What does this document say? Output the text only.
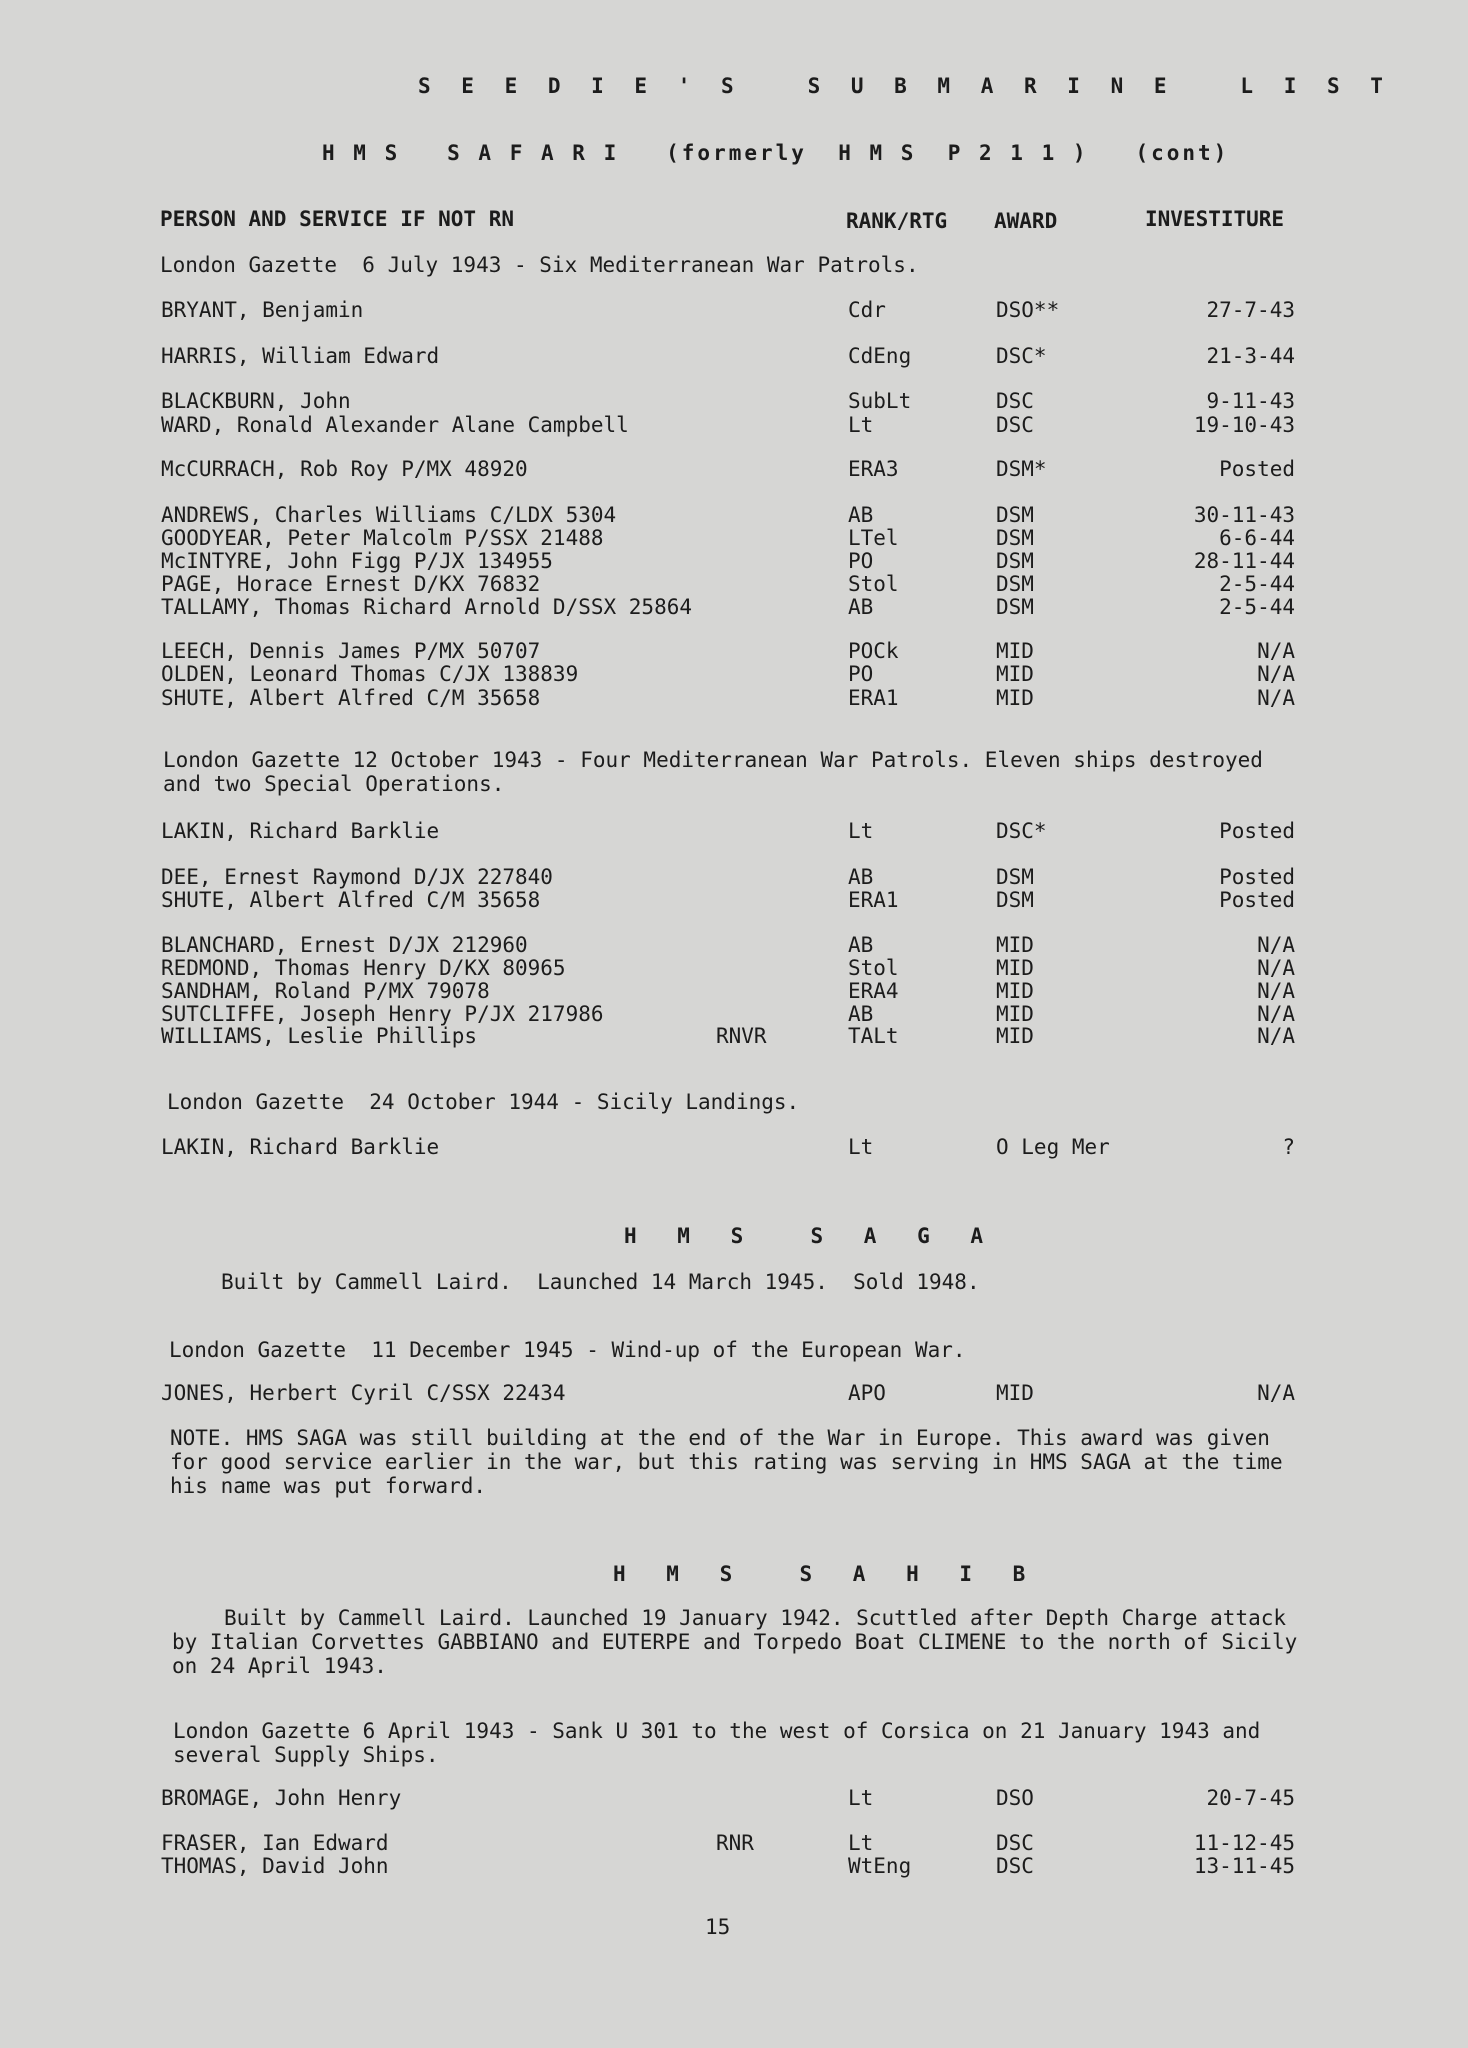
S E E D I E ' S   S U B M A R I N E   L I S T
H M S   S A F A R I   (formerly  H M S  P 2 1 1 )   (cont)
PERSON AND SERVICE IF NOT RN	RANK/RTG AWARD	INVESTITURE
London Gazette  6 July 1943 - Six Mediterranean War Patrols.
BRYANT, Benjamin	Cdr	DSO**	27-7-43
HARRIS, William Edward	CdEng	DSC*	21-3-44
BLACKBURN, John	SubLt	DSC	9-11-43
WARD, Ronald Alexander Alane Campbell	Lt	DSC	19-10-43
McCURRACH, Rob Roy P/MX 48920	ERA3	DSM*	Posted
ANDREWS, Charles Williams C/LDX 5304	AB	DSM	30-11-43
GOODYEAR, Peter Malcolm P/SSX 21488	LTel	DSM	6-6-44
McINTYRE, John Figg P/JX 134955	PO	DSM	28-11-44
PAGE, Horace Ernest D/KX 76832	Stol	DSM	2-5-44
TALLAMY, Thomas Richard Arnold D/SSX 25864	AB	DSM	2-5-44
LEECH, Dennis James P/MX 50707	POCk	MID	N/A
OLDEN, Leonard Thomas C/JX 138839	PO	MID	N/A
SHUTE, Albert Alfred C/M 35658	ERA1	MID	N/A
London Gazette 12 October 1943 - Four Mediterranean War Patrols. Eleven ships destroyed and two Special Operations.
LAKIN, Richard Barklie	Lt	DSC*	Posted
DEE, Ernest Raymond D/JX 227840	AB	DSM	Posted
SHUTE, Albert Alfred C/M 35658	ERA1	DSM	Posted
BLANCHARD, Ernest D/JX 212960	AB	MID	N/A
REDMOND, Thomas Henry D/KX 80965	Stol	MID	N/A
SANDHAM, Roland P/MX 79078	ERA4	MID	N/A
SUTCLIFFE, Joseph Henry P/JX 217986	AB	MID	N/A
WILLIAMS, Leslie Phillips	RNVR	TALt	MID	N/A
London Gazette  24 October 1944 - Sicily Landings.
LAKIN, Richard Barklie	Lt	O Leg Mer	?
H M S  S A G A
Built by Cammell Laird.  Launched 14 March 1945.  Sold 1948.
London Gazette  11 December 1945 - Wind-up of the European War.
JONES, Herbert Cyril C/SSX 22434	APO	MID	N/A
NOTE. HMS SAGA was still building at the end of the War in Europe. This award was given for good service earlier in the war, but this rating was serving in HMS SAGA at the time his name was put forward.
H M S  S A H I B
Built by Cammell Laird. Launched 19 January 1942. Scuttled after Depth Charge attack by Italian Corvettes GABBIANO and EUTERPE and Torpedo Boat CLIMENE to the north of Sicily on 24 April 1943.
London Gazette 6 April 1943 - Sank U 301 to the west of Corsica on 21 January 1943 and several Supply Ships.
BROMAGE, John Henry	Lt	DSO	20-7-45
FRASER, Ian Edward	RNR	Lt	DSC	11-12-45
THOMAS, David John	WtEng	DSC	13-11-45
15
